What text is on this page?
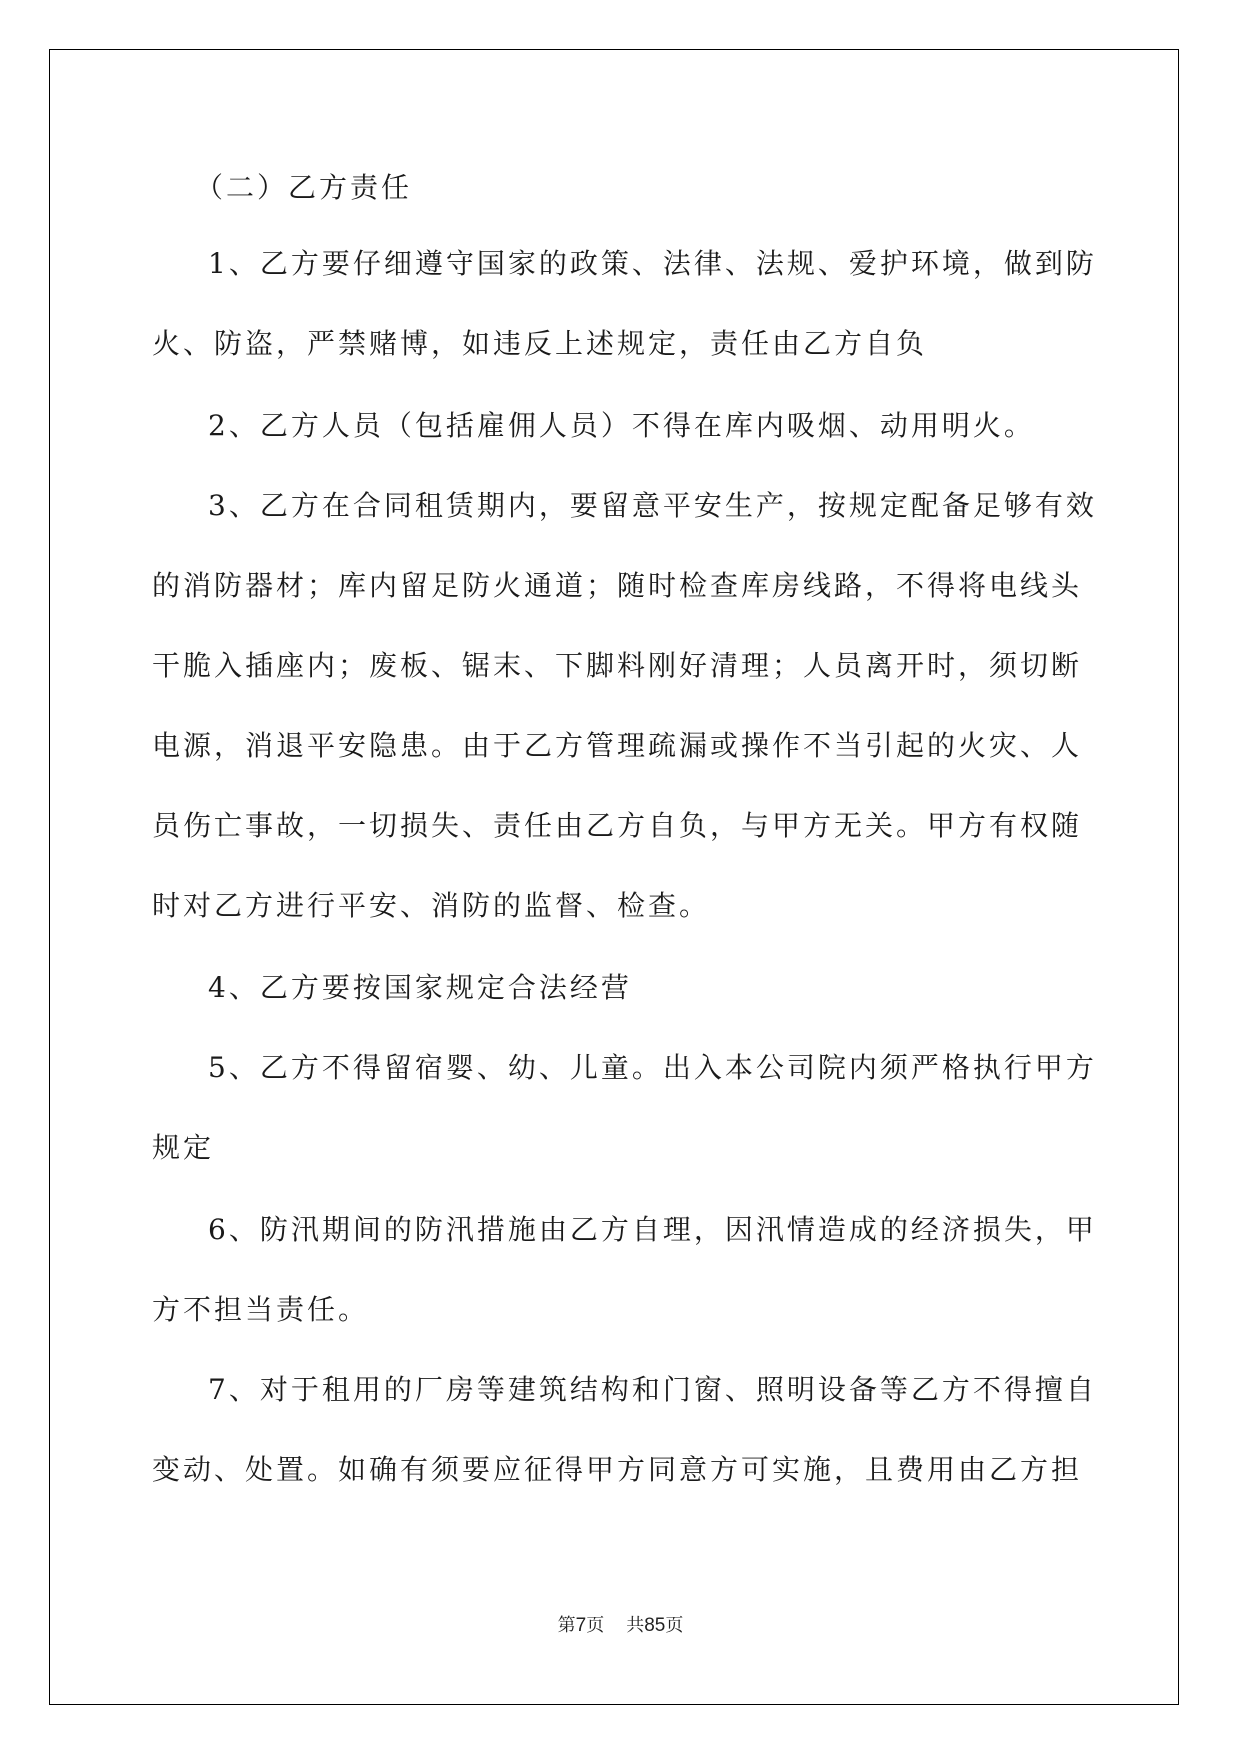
（二）乙方责任
1、乙方要仔细遵守国家的政策、法律、法规、爱护环境，做到防
火、防盗，严禁赌博，如违反上述规定，责任由乙方自负
2、乙方人员（包括雇佣人员）不得在库内吸烟、动用明火。
3、乙方在合同租赁期内，要留意平安生产，按规定配备足够有效
的消防器材；库内留足防火通道；随时检查库房线路，不得将电线头
干脆入插座内；废板、锯末、下脚料刚好清理；人员离开时，须切断
电源，消退平安隐患。由于乙方管理疏漏或操作不当引起的火灾、人
员伤亡事故，一切损失、责任由乙方自负，与甲方无关。甲方有权随
时对乙方进行平安、消防的监督、检查。
4、乙方要按国家规定合法经营
5、乙方不得留宿婴、幼、儿童。出入本公司院内须严格执行甲方
规定
6、防汛期间的防汛措施由乙方自理，因汛情造成的经济损失，甲
方不担当责任。
7、对于租用的厂房等建筑结构和门窗、照明设备等乙方不得擅自
变动、处置。如确有须要应征得甲方同意方可实施，且费用由乙方担
第7页 共85页
